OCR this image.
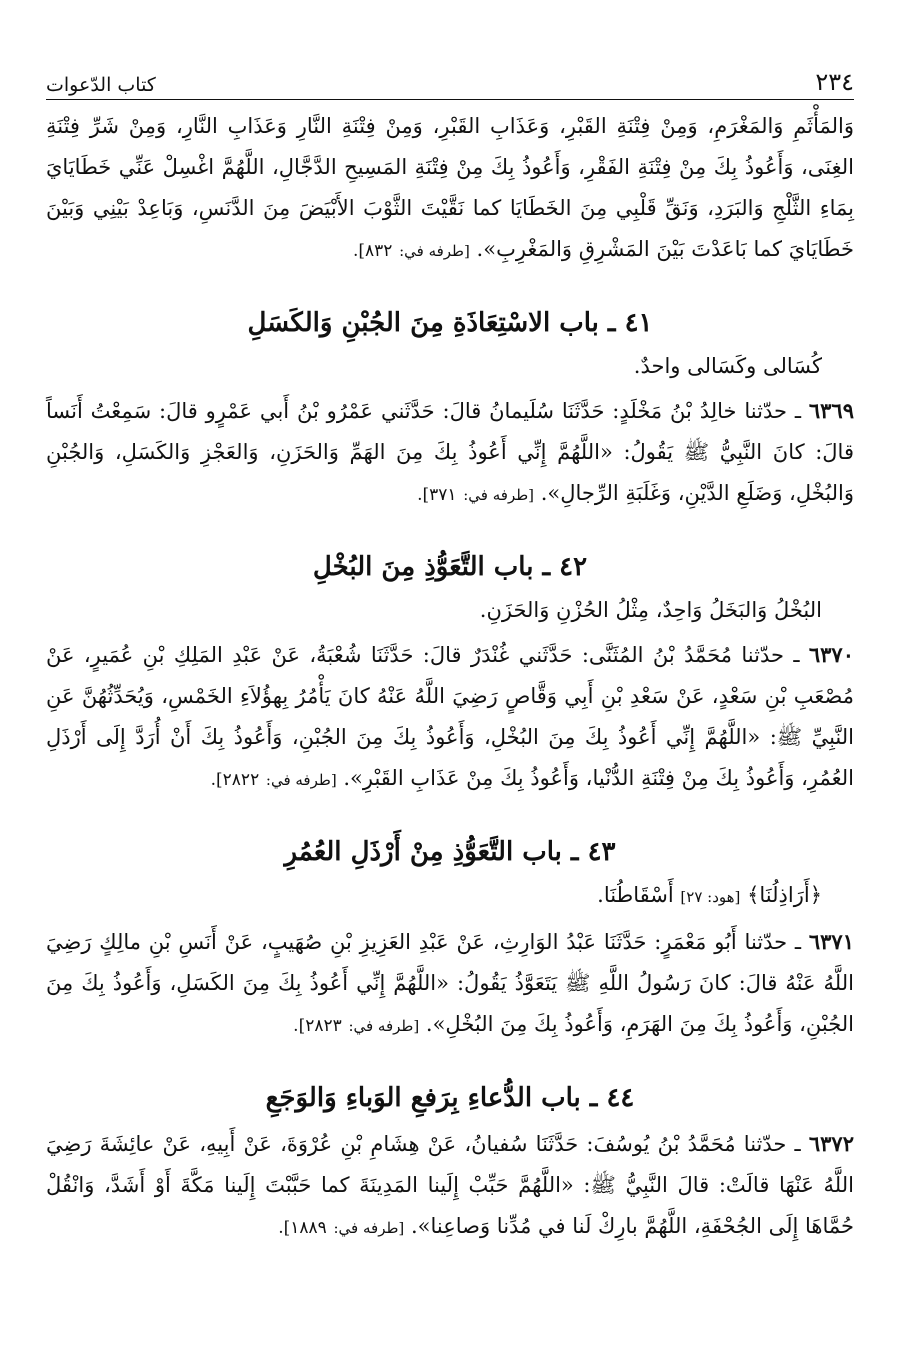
٢٣٤
كتاب الدّعوات

وَالمَأْثَمِ وَالمَغْرَمِ، وَمِنْ فِتْنَةِ القَبْرِ، وَعَذَابِ القَبْرِ، وَمِنْ فِتْنَةِ النَّارِ وَعَذَابِ النَّارِ، وَمِنْ شَرِّ فِتْنَةِ الغِنَى، وَأَعُوذُ بِكَ مِنْ فِتْنَةِ الفَقْرِ، وَأَعُوذُ بِكَ مِنْ فِتْنَةِ المَسِيحِ الدَّجَّالِ، اللَّهُمَّ اغْسِلْ عَنِّي خَطَايَايَ بِمَاءِ الثَّلْجِ وَالبَرَدِ، وَنَقِّ قَلْبِي مِنَ الخَطَايَا كما نَقَّيْتَ الثَّوْبَ الأَبْيَضَ مِنَ الدَّنَسِ، وَبَاعِدْ بَيْنِي وَبَيْنَ خَطَايَايَ كما بَاعَدْتَ بَيْنَ المَشْرِقِ وَالمَغْرِبِ». [طرفه في: ٨٣٢].

٤١ ـ باب الاسْتِعَاذَةِ مِنَ الجُبْنِ وَالكَسَلِ

كُسَالى وكَسَالى واحدٌ.

٦٣٦٩ ـ حدّثنا خالِدُ بْنُ مَخْلَدٍ: حَدَّثَنَا سُلَيمانُ قالَ: حَدَّثَني عَمْرُو بْنُ أَبي عَمْرٍو قالَ: سَمِعْتُ أَنَساً قالَ: كانَ النَّبِيُّ ﷺ يَقُولُ: «اللَّهُمَّ إِنِّي أَعُوذُ بِكَ مِنَ الهَمِّ وَالحَزَنِ، وَالعَجْزِ وَالكَسَلِ، وَالجُبْنِ وَالبُخْلِ، وَضَلَعِ الدَّيْنِ، وَغَلَبَةِ الرِّجالِ». [طرفه في: ٣٧١].

٤٢ ـ باب التَّعَوُّذِ مِنَ البُخْلِ

البُخْلُ وَالبَخَلُ وَاحِدٌ، مِثْلُ الحُزْنِ وَالحَزَنِ.

٦٣٧٠ ـ حدّثنا مُحَمَّدُ بْنُ المُثَنَّى: حَدَّثَني غُنْدَرٌ قالَ: حَدَّثَنَا شُعْبَةُ، عَنْ عَبْدِ المَلِكِ بْنِ عُمَيرٍ، عَنْ مُصْعَبِ بْنِ سَعْدٍ، عَنْ سَعْدِ بْنِ أَبِي وَقَّاصٍ رَضِيَ اللَّهُ عَنْهُ كانَ يَأْمُرُ بِهؤُلاَءِ الخَمْسِ، وَيُحَدِّثُهُنَّ عَنِ النَّبِيِّ ﷺ: «اللَّهُمَّ إِنِّي أَعُوذُ بِكَ مِنَ البُخْلِ، وَأَعُوذُ بِكَ مِنَ الجُبْنِ، وَأَعُوذُ بِكَ أَنْ أُرَدَّ إِلَى أَرْذَلِ العُمُرِ، وَأَعُوذُ بِكَ مِنْ فِتْنَةِ الدُّنْيا، وَأَعُوذُ بِكَ مِنْ عَذَابِ القَبْرِ». [طرفه في: ٢٨٢٢].

٤٣ ـ باب التَّعَوُّذِ مِنْ أَرْذَلِ العُمُرِ

﴿أَرَاذِلُنَا﴾ [هود: ٢٧] أَسْقَاطُنَا.

٦٣٧١ ـ حدّثنا أَبُو مَعْمَرٍ: حَدَّثَنَا عَبْدُ الوَارِثِ، عَنْ عَبْدِ العَزِيزِ بْنِ صُهَيبٍ، عَنْ أَنَسِ بْنِ مالِكٍ رَضِيَ اللَّهُ عَنْهُ قالَ: كانَ رَسُولُ اللَّهِ ﷺ يَتَعَوَّذُ يَقُولُ: «اللَّهُمَّ إِنِّي أَعُوذُ بِكَ مِنَ الكَسَلِ، وَأَعُوذُ بِكَ مِنَ الجُبْنِ، وَأَعُوذُ بِكَ مِنَ الهَرَمِ، وَأَعُوذُ بِكَ مِنَ البُخْلِ». [طرفه في: ٢٨٢٣].

٤٤ ـ باب الدُّعاءِ بِرَفعِ الوَباءِ وَالوَجَعِ

٦٣٧٢ ـ حدّثنا مُحَمَّدُ بْنُ يُوسُفَ: حَدَّثَنَا سُفيانُ، عَنْ هِشَامِ بْنِ عُرْوَةَ، عَنْ أَبِيهِ، عَنْ عائِشَةَ رَضِيَ اللَّهُ عَنْهَا قالَتْ: قالَ النَّبِيُّ ﷺ: «اللَّهُمَّ حَبِّبْ إِلَينا المَدِينَةَ كما حَبَّبْتَ إِلَينا مَكَّةَ أَوْ أَشَدَّ، وَانْقُلْ حُمَّاهَا إِلَى الجُحْفَةِ، اللَّهُمَّ بارِكْ لَنا في مُدِّنا وَصاعِنا». [طرفه في: ١٨٨٩].
